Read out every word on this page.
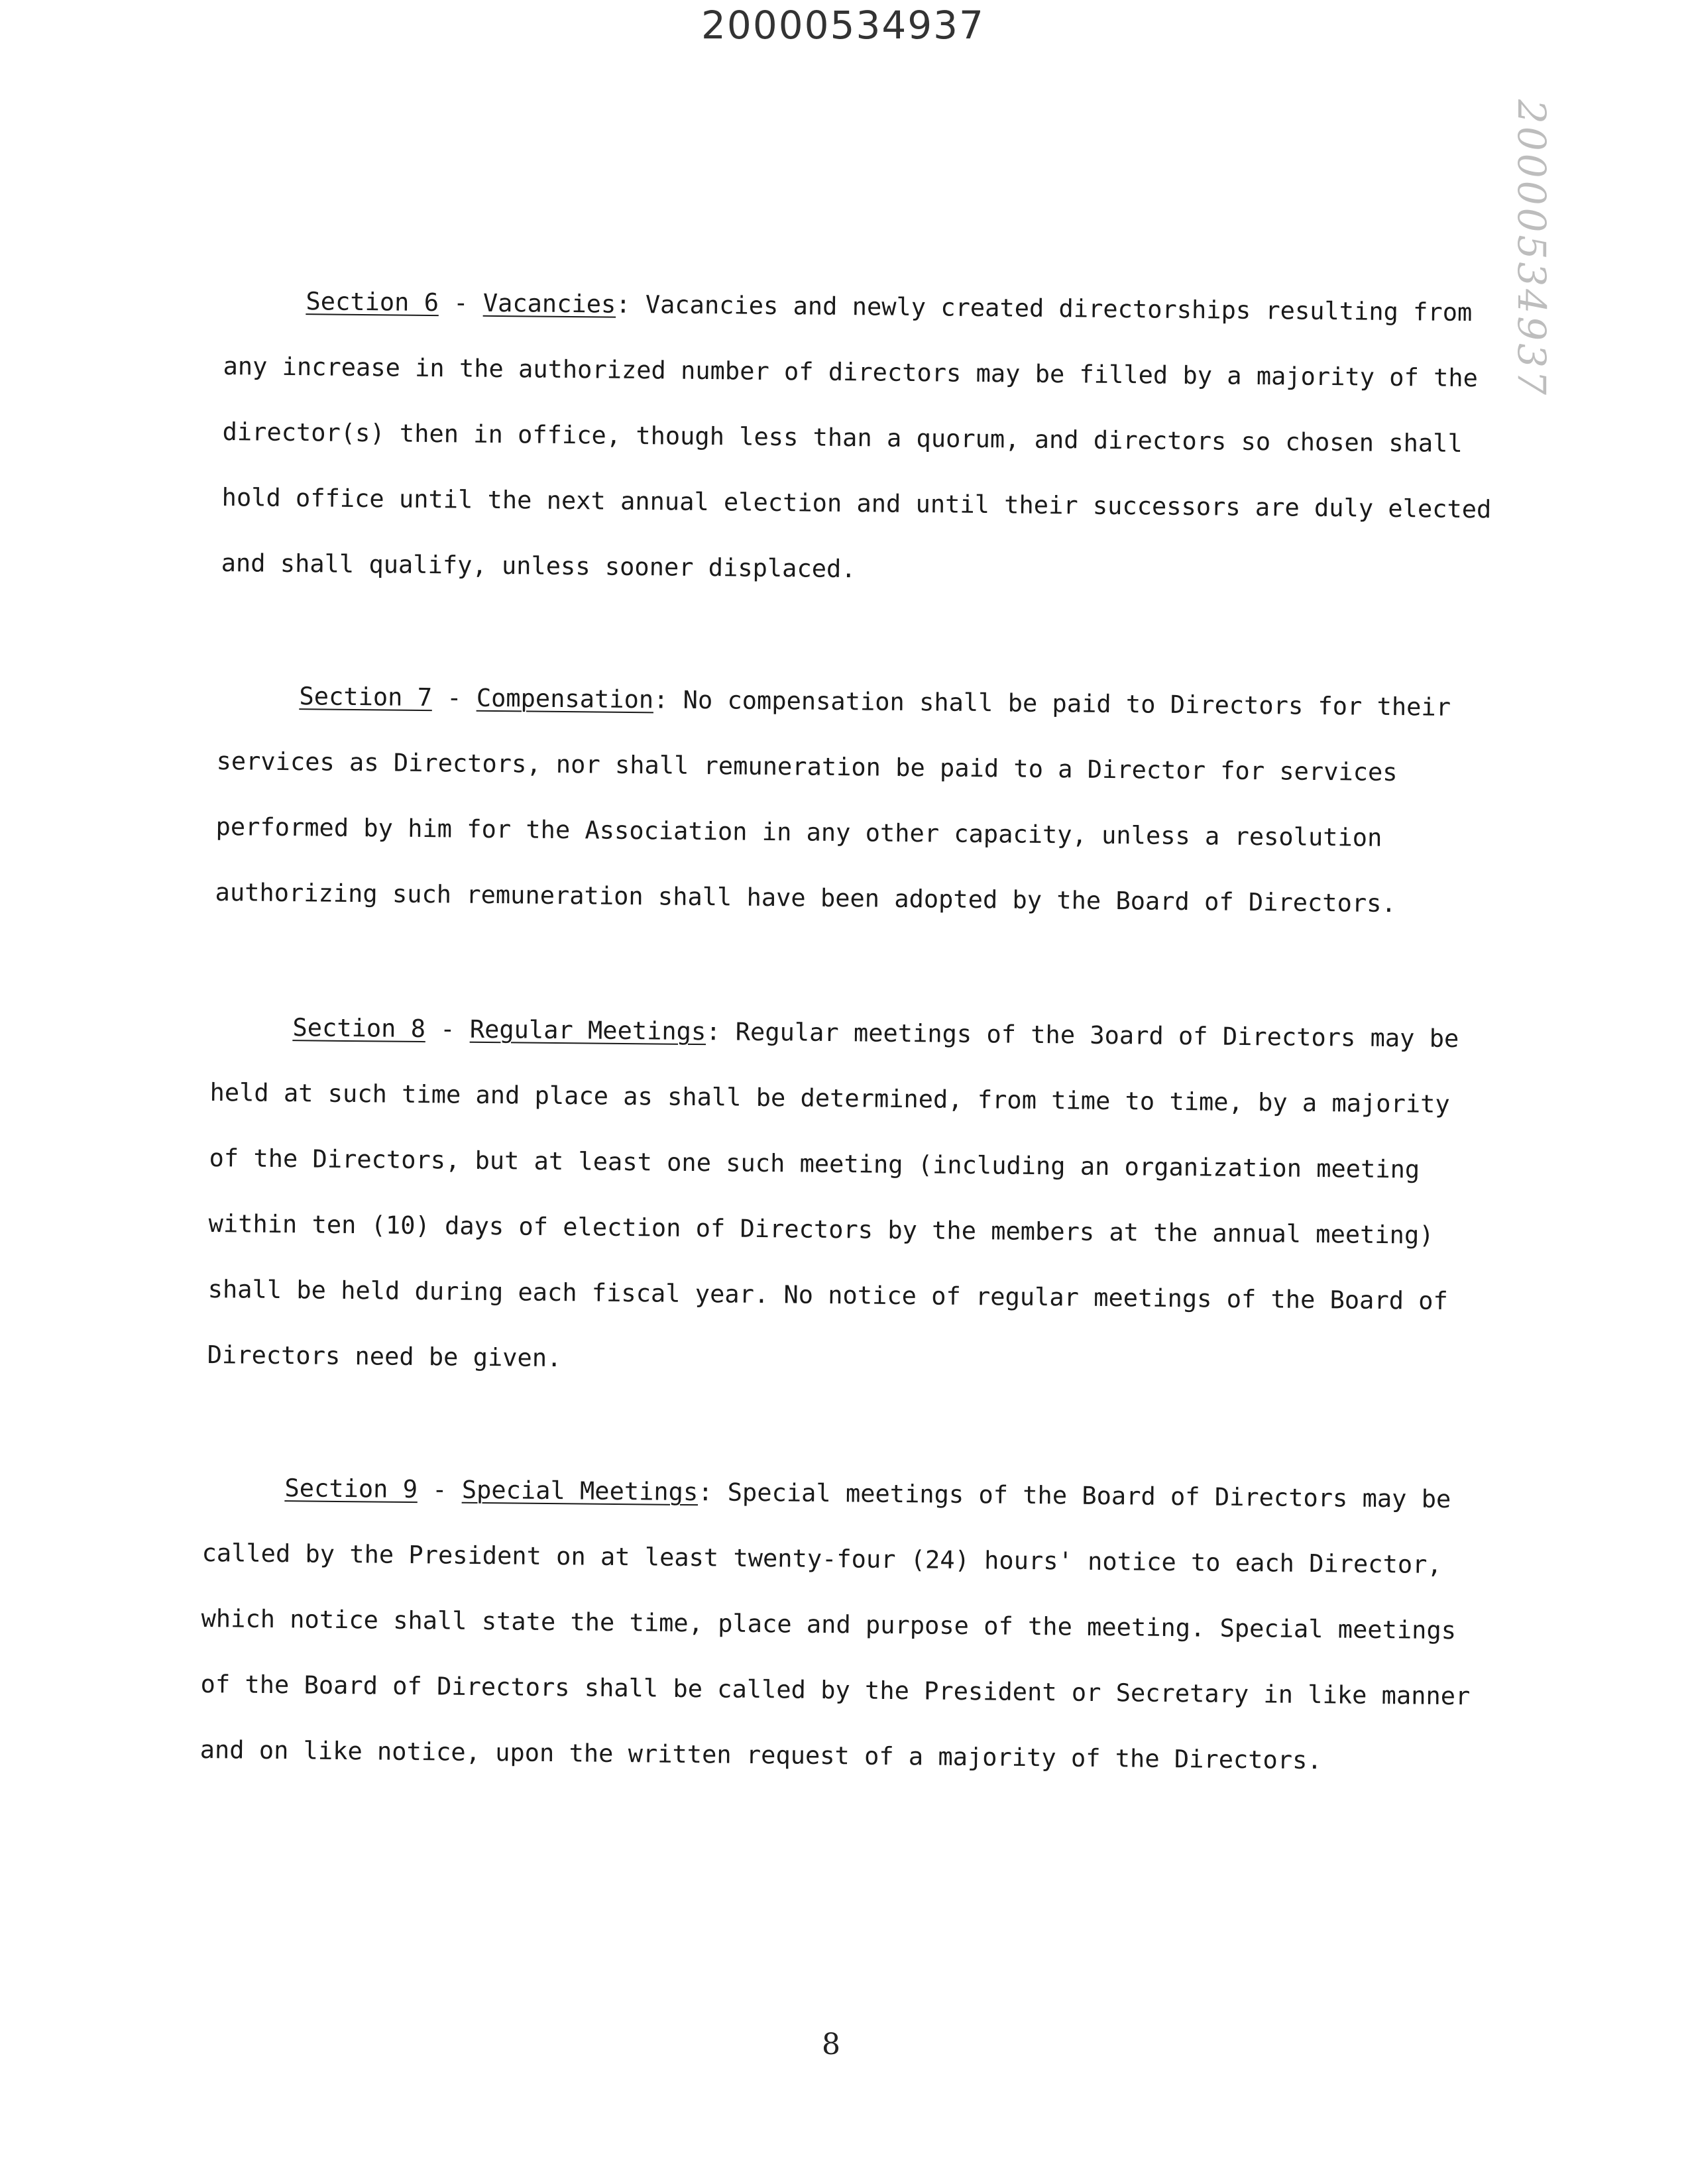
20000534937
20000534937
Section 6 - Vacancies: Vacancies and newly created directorships resulting from
any increase in the authorized number of directors may be filled by a majority of the
director(s) then in office, though less than a quorum, and directors so chosen shall
hold office until the next annual election and until their successors are duly elected
and shall qualify, unless sooner displaced.
Section 7 - Compensation: No compensation shall be paid to Directors for their
services as Directors, nor shall remuneration be paid to a Director for services
performed by him for the Association in any other capacity, unless a resolution
authorizing such remuneration shall have been adopted by the Board of Directors.
Section 8 - Regular Meetings: Regular meetings of the 3oard of Directors may be
held at such time and place as shall be determined, from time to time, by a majority
of the Directors, but at least one such meeting (including an organization meeting
within ten (10) days of election of Directors by the members at the annual meeting)
shall be held during each fiscal year. No notice of regular meetings of the Board of
Directors need be given.
Section 9 - Special Meetings: Special meetings of the Board of Directors may be
called by the President on at least twenty-four (24) hours' notice to each Director,
which notice shall state the time, place and purpose of the meeting. Special meetings
of the Board of Directors shall be called by the President or Secretary in like manner
and on like notice, upon the written request of a majority of the Directors.
8
